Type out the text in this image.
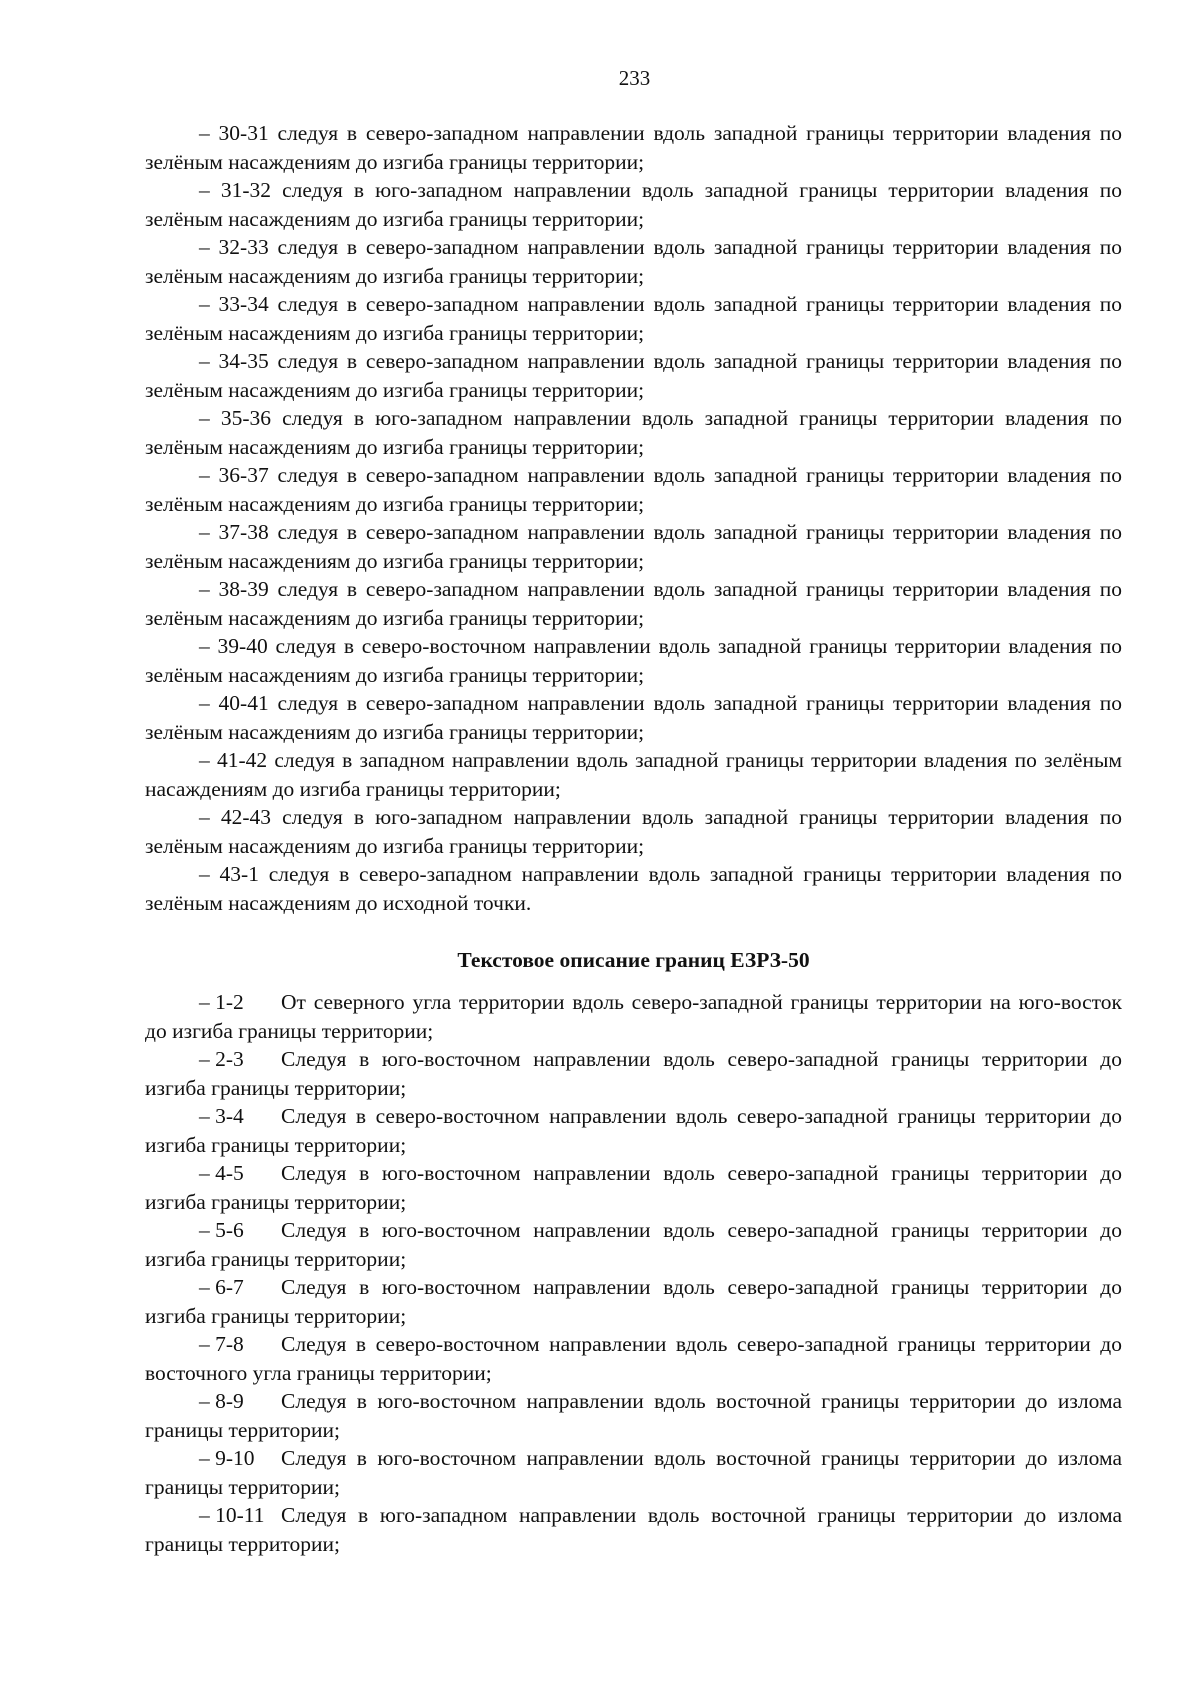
233

– 30-31 следуя в северо-западном направлении вдоль западной границы территории владения по зелёным насаждениям до изгиба границы территории;

– 31-32 следуя в юго-западном направлении вдоль западной границы территории владения по зелёным насаждениям до изгиба границы территории;

– 32-33 следуя в северо-западном направлении вдоль западной границы территории владения по зелёным насаждениям до изгиба границы территории;

– 33-34 следуя в северо-западном направлении вдоль западной границы территории владения по зелёным насаждениям до изгиба границы территории;

– 34-35 следуя в северо-западном направлении вдоль западной границы территории владения по зелёным насаждениям до изгиба границы территории;

– 35-36 следуя в юго-западном направлении вдоль западной границы территории владения по зелёным насаждениям до изгиба границы территории;

– 36-37 следуя в северо-западном направлении вдоль западной границы территории владения по зелёным насаждениям до изгиба границы территории;

– 37-38 следуя в северо-западном направлении вдоль западной границы территории владения по зелёным насаждениям до изгиба границы территории;

– 38-39 следуя в северо-западном направлении вдоль западной границы территории владения по зелёным насаждениям до изгиба границы территории;

– 39-40 следуя в северо-восточном направлении вдоль западной границы территории владения по зелёным насаждениям до изгиба границы территории;

– 40-41 следуя в северо-западном направлении вдоль западной границы территории владения по зелёным насаждениям до изгиба границы территории;

– 41-42 следуя в западном направлении вдоль западной границы территории владения по зелёным насаждениям до изгиба границы территории;

– 42-43 следуя в юго-западном направлении вдоль западной границы территории владения по зелёным насаждениям до изгиба границы территории;

– 43-1 следуя в северо-западном направлении вдоль западной границы территории владения по зелёным насаждениям до исходной точки.

Текстовое описание границ ЕЗРЗ-50

– 1-2 От северного угла территории вдоль северо-западной границы территории на юго-восток до изгиба границы территории;

– 2-3 Следуя в юго-восточном направлении вдоль северо-западной границы территории до изгиба границы территории;

– 3-4 Следуя в северо-восточном направлении вдоль северо-западной границы территории до изгиба границы территории;

– 4-5 Следуя в юго-восточном направлении вдоль северо-западной границы территории до изгиба границы территории;

– 5-6 Следуя в юго-восточном направлении вдоль северо-западной границы территории до изгиба границы территории;

– 6-7 Следуя в юго-восточном направлении вдоль северо-западной границы территории до изгиба границы территории;

– 7-8 Следуя в северо-восточном направлении вдоль северо-западной границы территории до восточного угла границы территории;

– 8-9 Следуя в юго-восточном направлении вдоль восточной границы территории до излома границы территории;

– 9-10 Следуя в юго-восточном направлении вдоль восточной границы территории до излома границы территории;

– 10-11 Следуя в юго-западном направлении вдоль восточной границы территории до излома границы территории;
